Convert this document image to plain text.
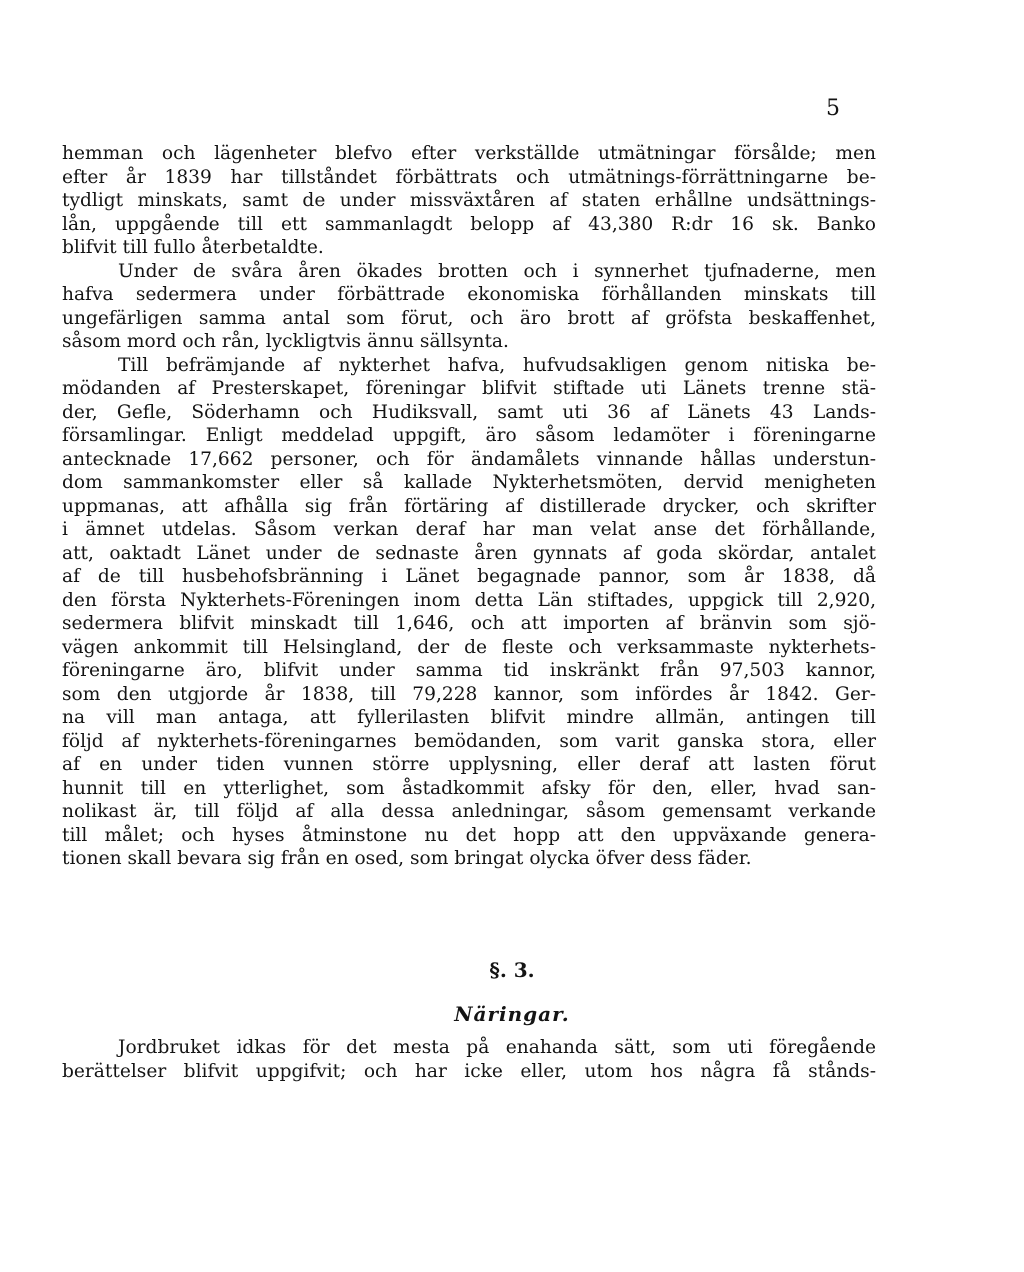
5
hemman och lägenheter blefvo efter verkställde utmätningar försålde; men
efter år 1839 har tillståndet förbättrats och utmätnings-förrättningarne be-
tydligt minskats, samt de under missväxtåren af staten erhållne undsättnings-
lån, uppgående till ett sammanlagdt belopp af 43,380 R:dr 16 sk. Banko
blifvit till fullo återbetaldte.
Under de svåra åren ökades brotten och i synnerhet tjufnaderne, men
hafva sedermera under förbättrade ekonomiska förhållanden minskats till
ungefärligen samma antal som förut, och äro brott af gröfsta beskaffenhet,
såsom mord och rån, lyckligtvis ännu sällsynta.
Till befrämjande af nykterhet hafva, hufvudsakligen genom nitiska be-
mödanden af Presterskapet, föreningar blifvit stiftade uti Länets trenne stä-
der, Gefle, Söderhamn och Hudiksvall, samt uti 36 af Länets 43 Lands-
församlingar. Enligt meddelad uppgift, äro såsom ledamöter i föreningarne
antecknade 17,662 personer, och för ändamålets vinnande hållas understun-
dom sammankomster eller så kallade Nykterhetsmöten, dervid menigheten
uppmanas, att afhålla sig från förtäring af distillerade drycker, och skrifter
i ämnet utdelas. Såsom verkan deraf har man velat anse det förhållande,
att, oaktadt Länet under de sednaste åren gynnats af goda skördar, antalet
af de till husbehofsbränning i Länet begagnade pannor, som år 1838, då
den första Nykterhets-Föreningen inom detta Län stiftades, uppgick till 2,920,
sedermera blifvit minskadt till 1,646, och att importen af bränvin som sjö-
vägen ankommit till Helsingland, der de fleste och verksammaste nykterhets-
föreningarne äro, blifvit under samma tid inskränkt från 97,503 kannor,
som den utgjorde år 1838, till 79,228 kannor, som infördes år 1842. Ger-
na vill man antaga, att fyllerilasten blifvit mindre allmän, antingen till
följd af nykterhets-föreningarnes bemödanden, som varit ganska stora, eller
af en under tiden vunnen större upplysning, eller deraf att lasten förut
hunnit till en ytterlighet, som åstadkommit afsky för den, eller, hvad san-
nolikast är, till följd af alla dessa anledningar, såsom gemensamt verkande
till målet; och hyses åtminstone nu det hopp att den uppväxande genera-
tionen skall bevara sig från en osed, som bringat olycka öfver dess fäder.
§. 3.
Näringar.
Jordbruket idkas för det mesta på enahanda sätt, som uti föregående
berättelser blifvit uppgifvit; och har icke eller, utom hos några få stånds-
